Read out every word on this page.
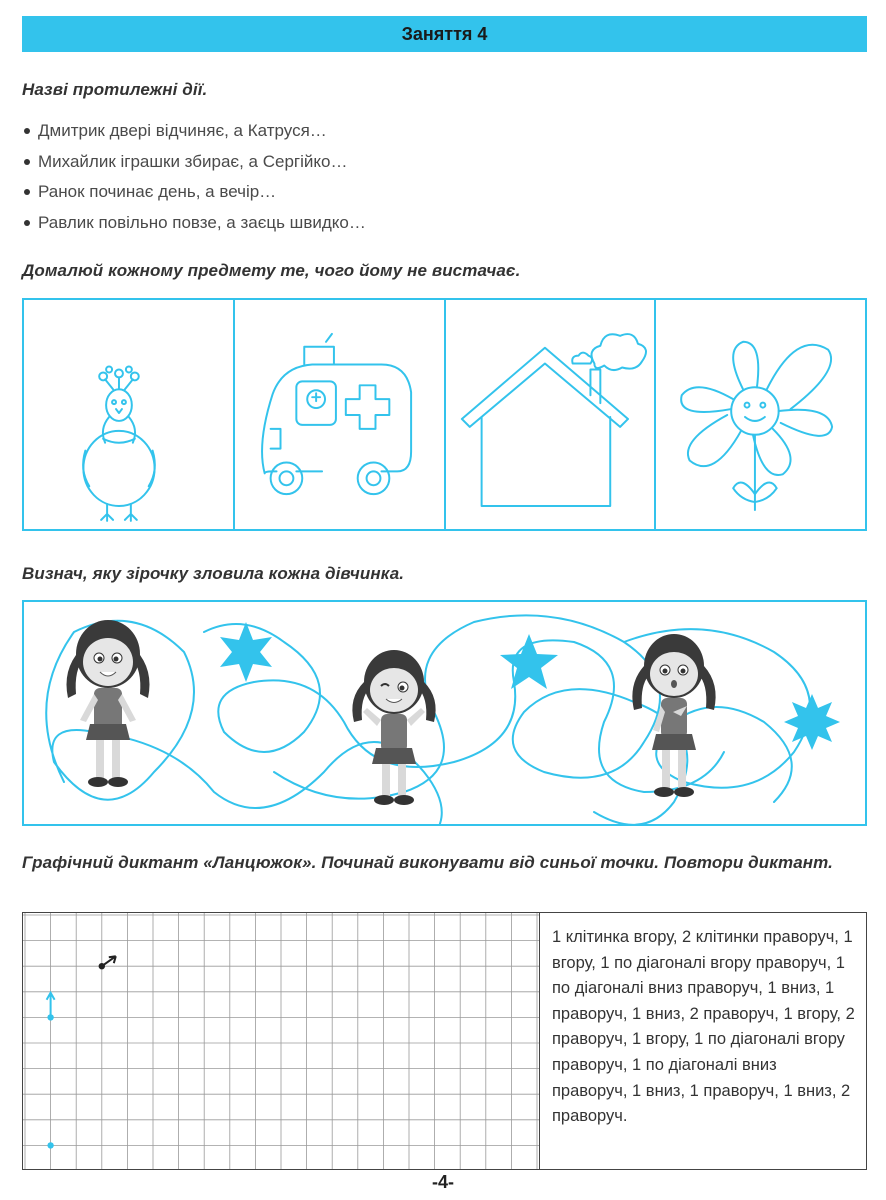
Заняття 4
Назві протилежні дії.
Дмитрик двері відчиняє, а Катруся…
Михайлик іграшки збирає, а Сергійко…
Ранок починає день, а вечір…
Равлик повільно повзе, а заєць швидко…
Домалюй кожному предмету те, чого йому не вистачає.
Визнач, яку зірочку зловила кожна дівчинка.
Графічний диктант «Ланцюжок». Починай виконувати від синьої точки. Повтори диктант.
1 клітинка вгору, 2 клітинки праворуч, 1 вгору, 1 по діагоналі вгору праворуч, 1 по діагоналі вниз праворуч, 1 вниз, 1 праворуч, 1 вниз, 2 праворуч, 1 вгору, 2 праворуч, 1 вгору, 1 по діагоналі вгору праворуч, 1 по діагоналі вниз праворуч, 1 вниз, 1 праворуч, 1 вниз, 2 праворуч.
-4-
